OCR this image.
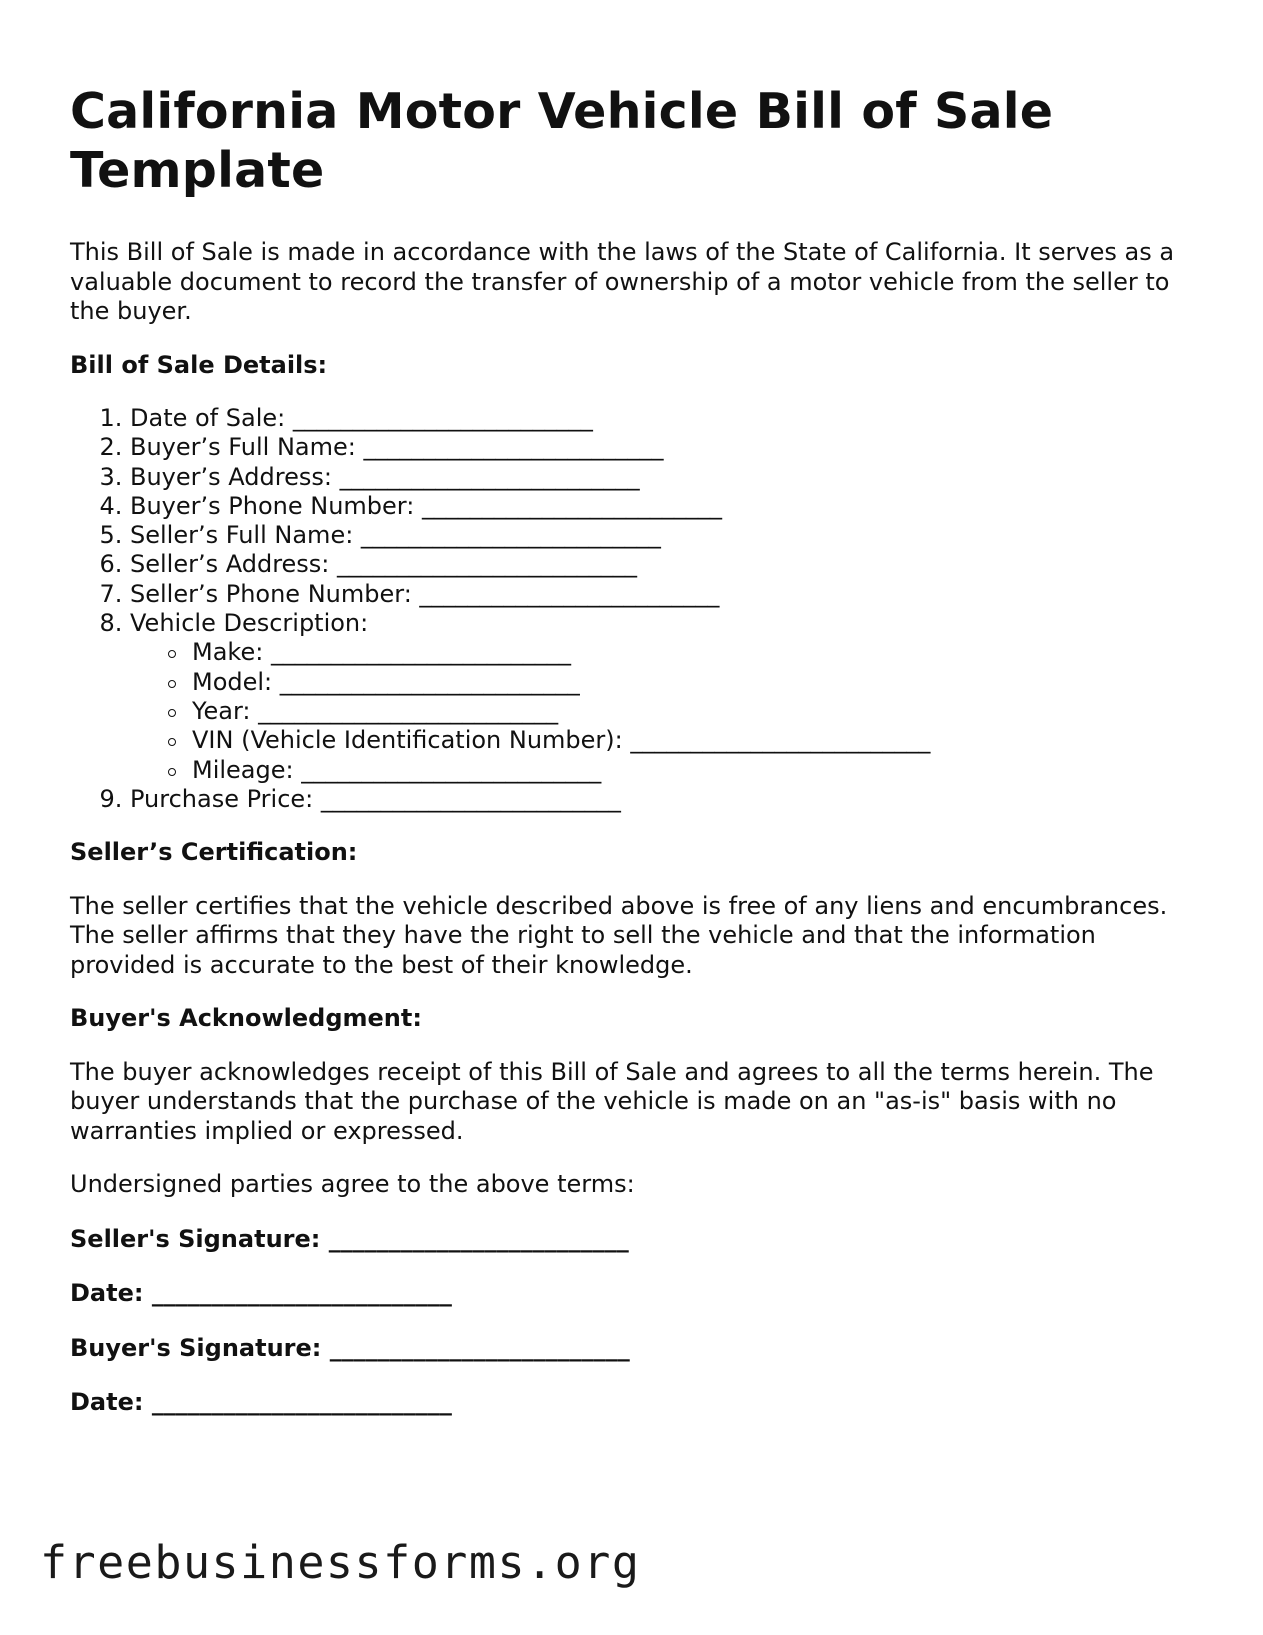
California Motor Vehicle Bill of Sale Template

This Bill of Sale is made in accordance with the laws of the State of California. It serves as a valuable document to record the transfer of ownership of a motor vehicle from the seller to the buyer.

Bill of Sale Details:

1. Date of Sale: _________________________
2. Buyer’s Full Name: _________________________
3. Buyer’s Address: _________________________
4. Buyer’s Phone Number: _________________________
5. Seller’s Full Name: _________________________
6. Seller’s Address: _________________________
7. Seller’s Phone Number: _________________________
8. Vehicle Description:
Make: _________________________
Model: _________________________
Year: _________________________
VIN (Vehicle Identification Number): _________________________
Mileage: _________________________
9. Purchase Price: _________________________

Seller’s Certification:

The seller certifies that the vehicle described above is free of any liens and encumbrances. The seller affirms that they have the right to sell the vehicle and that the information provided is accurate to the best of their knowledge.

Buyer's Acknowledgment:

The buyer acknowledges receipt of this Bill of Sale and agrees to all the terms herein. The buyer understands that the purchase of the vehicle is made on an "as-is" basis with no warranties implied or expressed.

Undersigned parties agree to the above terms:

Seller's Signature: _________________________

Date: _________________________

Buyer's Signature: _________________________

Date: _________________________

freebusinessforms.org
